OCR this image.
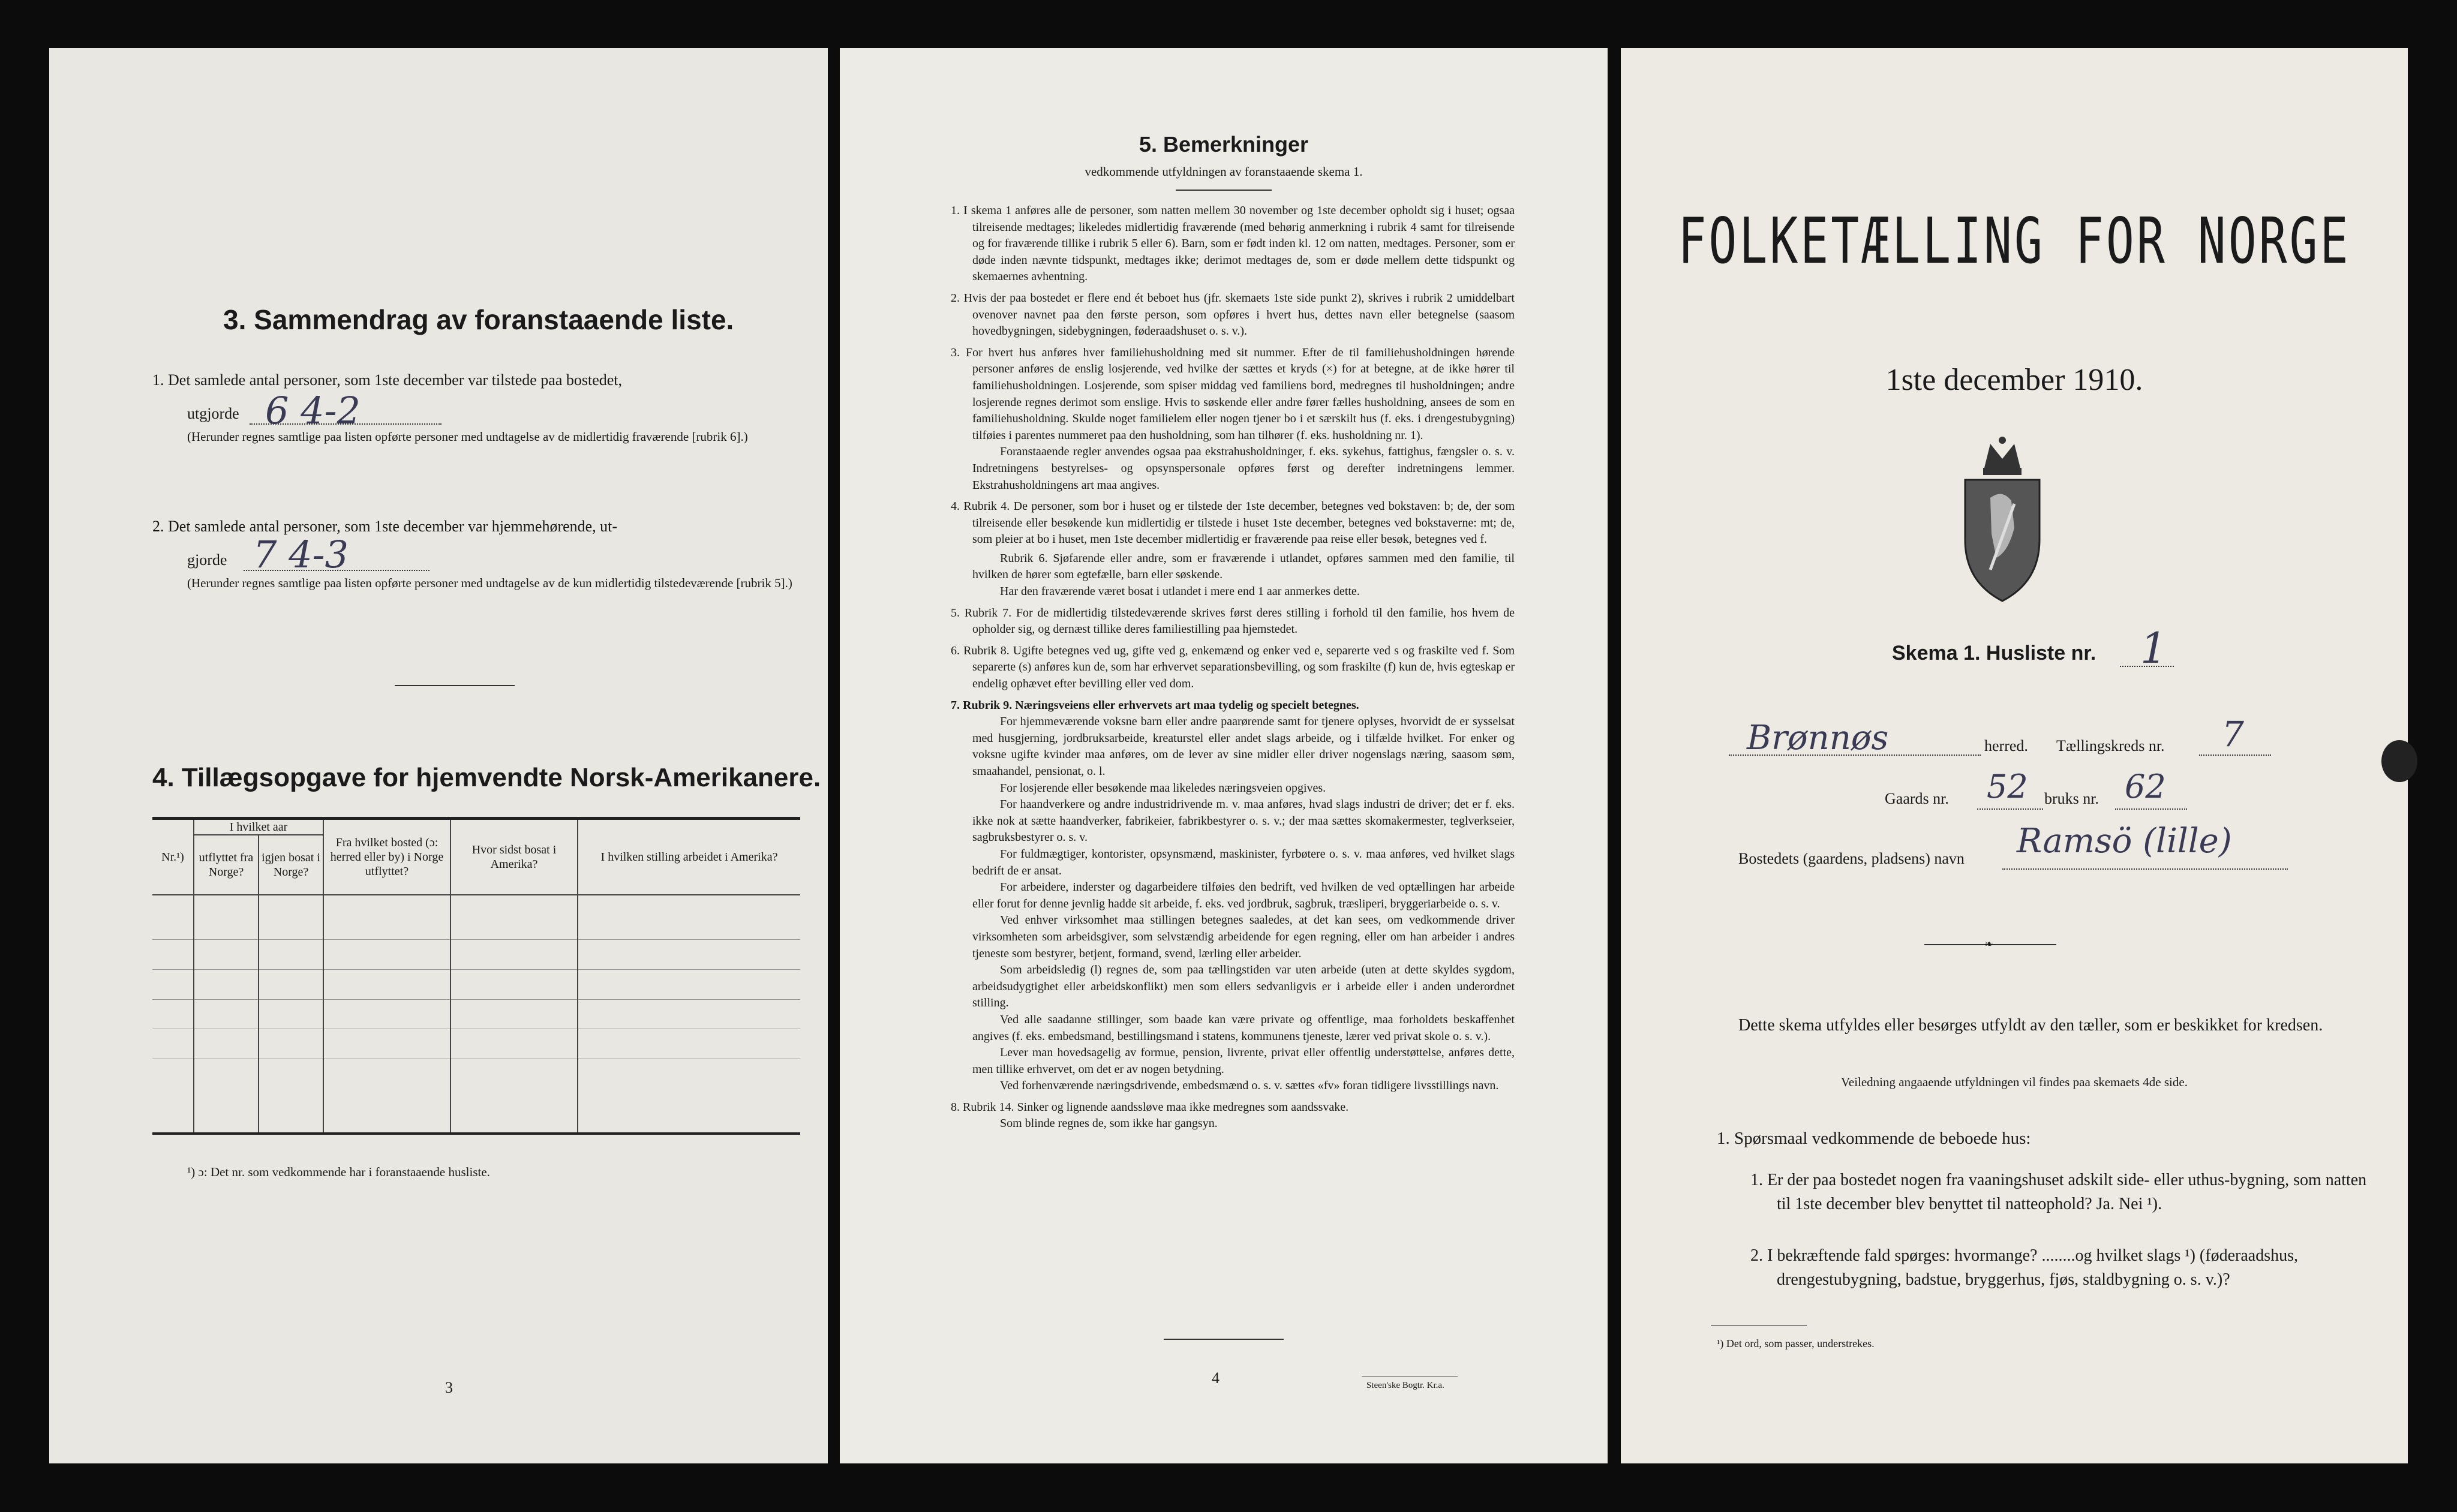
3. Sammendrag av foranstaaende liste.
1. Det samlede antal personer, som 1ste december var tilstede paa bostedet,
utgjorde 6 4-2
(Herunder regnes samtlige paa listen opførte personer med undtagelse av de midlertidig fraværende [rubrik 6].)
2. Det samlede antal personer, som 1ste december var hjemmehørende, ut-
gjorde 7 4-3
(Herunder regnes samtlige paa listen opførte personer med undtagelse av de kun midlertidig tilstedeværende [rubrik 5].)
4. Tillægsopgave for hjemvendte Norsk-Amerikanere.
Nr.¹)	I hvilket aar		Fra hvilket bosted (ɔ: herred eller by) i Norge utflyttet?	Hvor sidst bosat i Amerika?	I hvilken stilling arbeidet i Amerika?
	utflyttet fra Norge?	igjen bosat i Norge?			

¹) ɔ: Det nr. som vedkommende har i foranstaaende husliste.
3
5. Bemerkninger
vedkommende utfyldningen av foranstaaende skema 1.

1. I skema 1 anføres alle de personer, som natten mellem 30 november og 1ste december opholdt sig i huset; ogsaa tilreisende medtages; likeledes midlertidig fraværende (med behørig anmerkning i rubrik 4 samt for tilreisende og for fraværende tillike i rubrik 5 eller 6). Barn, som er født inden kl. 12 om natten, medtages. Personer, som er døde inden nævnte tidspunkt, medtages ikke; derimot medtages de, som er døde mellem dette tidspunkt og skemaernes avhentning.

2. Hvis der paa bostedet er flere end ét beboet hus (jfr. skemaets 1ste side punkt 2), skrives i rubrik 2 umiddelbart ovenover navnet paa den første person, som opføres i hvert hus, dettes navn eller betegnelse (saasom hovedbygningen, sidebygningen, føderaadshuset o. s. v.).

3. For hvert hus anføres hver familiehusholdning med sit nummer. Efter de til familiehusholdningen hørende personer anføres de enslig losjerende, ved hvilke der sættes et kryds (×) for at betegne, at de ikke hører til familiehusholdningen. Losjerende, som spiser middag ved familiens bord, medregnes til husholdningen; andre losjerende regnes derimot som enslige. Hvis to søskende eller andre fører fælles husholdning, ansees de som en familiehusholdning. Skulde noget familielem eller nogen tjener bo i et særskilt hus (f. eks. i drengestubygning) tilføies i parentes nummeret paa den husholdning, som han tilhører (f. eks. husholdning nr. 1).

Foranstaaende regler anvendes ogsaa paa ekstrahusholdninger, f. eks. sykehus, fattighus, fængsler o. s. v. Indretningens bestyrelses- og opsynspersonale opføres først og derefter indretningens lemmer. Ekstrahusholdningens art maa angives.

4. Rubrik 4. De personer, som bor i huset og er tilstede der 1ste december, betegnes ved bokstaven: b; de, der som tilreisende eller besøkende kun midlertidig er tilstede i huset 1ste december, betegnes ved bokstaverne: mt; de, som pleier at bo i huset, men 1ste december midlertidig er fraværende paa reise eller besøk, betegnes ved f.

Rubrik 6. Sjøfarende eller andre, som er fraværende i utlandet, opføres sammen med den familie, til hvilken de hører som egtefælle, barn eller søskende.

Har den fraværende været bosat i utlandet i mere end 1 aar anmerkes dette.

5. Rubrik 7. For de midlertidig tilstedeværende skrives først deres stilling i forhold til den familie, hos hvem de opholder sig, og dernæst tillike deres familiestilling paa hjemstedet.

6. Rubrik 8. Ugifte betegnes ved ug, gifte ved g, enkemænd og enker ved e, separerte ved s og fraskilte ved f. Som separerte (s) anføres kun de, som har erhvervet separationsbevilling, og som fraskilte (f) kun de, hvis egteskap er endelig ophævet efter bevilling eller ved dom.

7. Rubrik 9. Næringsveiens eller erhvervets art maa tydelig og specielt betegnes.

For hjemmeværende voksne barn eller andre paarørende samt for tjenere oplyses, hvorvidt de er sysselsat med husgjerning, jordbruksarbeide, kreaturstel eller andet slags arbeide, og i tilfælde hvilket. For enker og voksne ugifte kvinder maa anføres, om de lever av sine midler eller driver nogenslags næring, saasom søm, smaahandel, pensionat, o. l.

For losjerende eller besøkende maa likeledes næringsveien opgives.

For haandverkere og andre industridrivende m. v. maa anføres, hvad slags industri de driver; det er f. eks. ikke nok at sætte haandverker, fabrikeier, fabrikbestyrer o. s. v.; der maa sættes skomakermester, teglverkseier, sagbruksbestyrer o. s. v.

For fuldmægtiger, kontorister, opsynsmænd, maskinister, fyrbøtere o. s. v. maa anføres, ved hvilket slags bedrift de er ansat.

For arbeidere, inderster og dagarbeidere tilføies den bedrift, ved hvilken de ved optællingen har arbeide eller forut for denne jevnlig hadde sit arbeide, f. eks. ved jordbruk, sagbruk, træsliperi, bryggeriarbeide o. s. v.

Ved enhver virksomhet maa stillingen betegnes saaledes, at det kan sees, om vedkommende driver virksomheten som arbeidsgiver, som selvstændig arbeidende for egen regning, eller om han arbeider i andres tjeneste som bestyrer, betjent, formand, svend, lærling eller arbeider.

Som arbeidsledig (l) regnes de, som paa tællingstiden var uten arbeide (uten at dette skyldes sygdom, arbeidsudygtighet eller arbeidskonflikt) men som ellers sedvanligvis er i arbeide eller i anden underordnet stilling.

Ved alle saadanne stillinger, som baade kan være private og offentlige, maa forholdets beskaffenhet angives (f. eks. embedsmand, bestillingsmand i statens, kommunens tjeneste, lærer ved privat skole o. s. v.).

Lever man hovedsagelig av formue, pension, livrente, privat eller offentlig understøttelse, anføres dette, men tillike erhvervet, om det er av nogen betydning.

Ved forhenværende næringsdrivende, embedsmænd o. s. v. sættes «fv» foran tidligere livsstillings navn.

8. Rubrik 14. Sinker og lignende aandssløve maa ikke medregnes som aandssvake.

Som blinde regnes de, som ikke har gangsyn.

4	Steen'ske Bogtr. Kr.a.
FOLKETÆLLING FOR NORGE
1ste december 1910.
Skema 1. Husliste nr. 1
Brønnøs	herred. Tællingskreds nr. 7
Gaards nr. 52 bruks nr. 62
Bostedets (gaardens, pladsens) navn Ramsö (lille)
❧
Dette skema utfyldes eller besørges utfyldt av den tæller, som er beskikket for kredsen.
Veiledning angaaende utfyldningen vil findes paa skemaets 4de side.
1. Spørsmaal vedkommende de beboede hus:
1. Er der paa bostedet nogen fra vaaningshuset adskilt side- eller uthus-bygning, som natten til 1ste december blev benyttet til natteophold? Ja. Nei ¹).
2. I bekræftende fald spørges: hvormange? ........og hvilket slags ¹) (føderaadshus, drengestubygning, badstue, bryggerhus, fjøs, staldbygning o. s. v.)?
¹) Det ord, som passer, understrekes.
